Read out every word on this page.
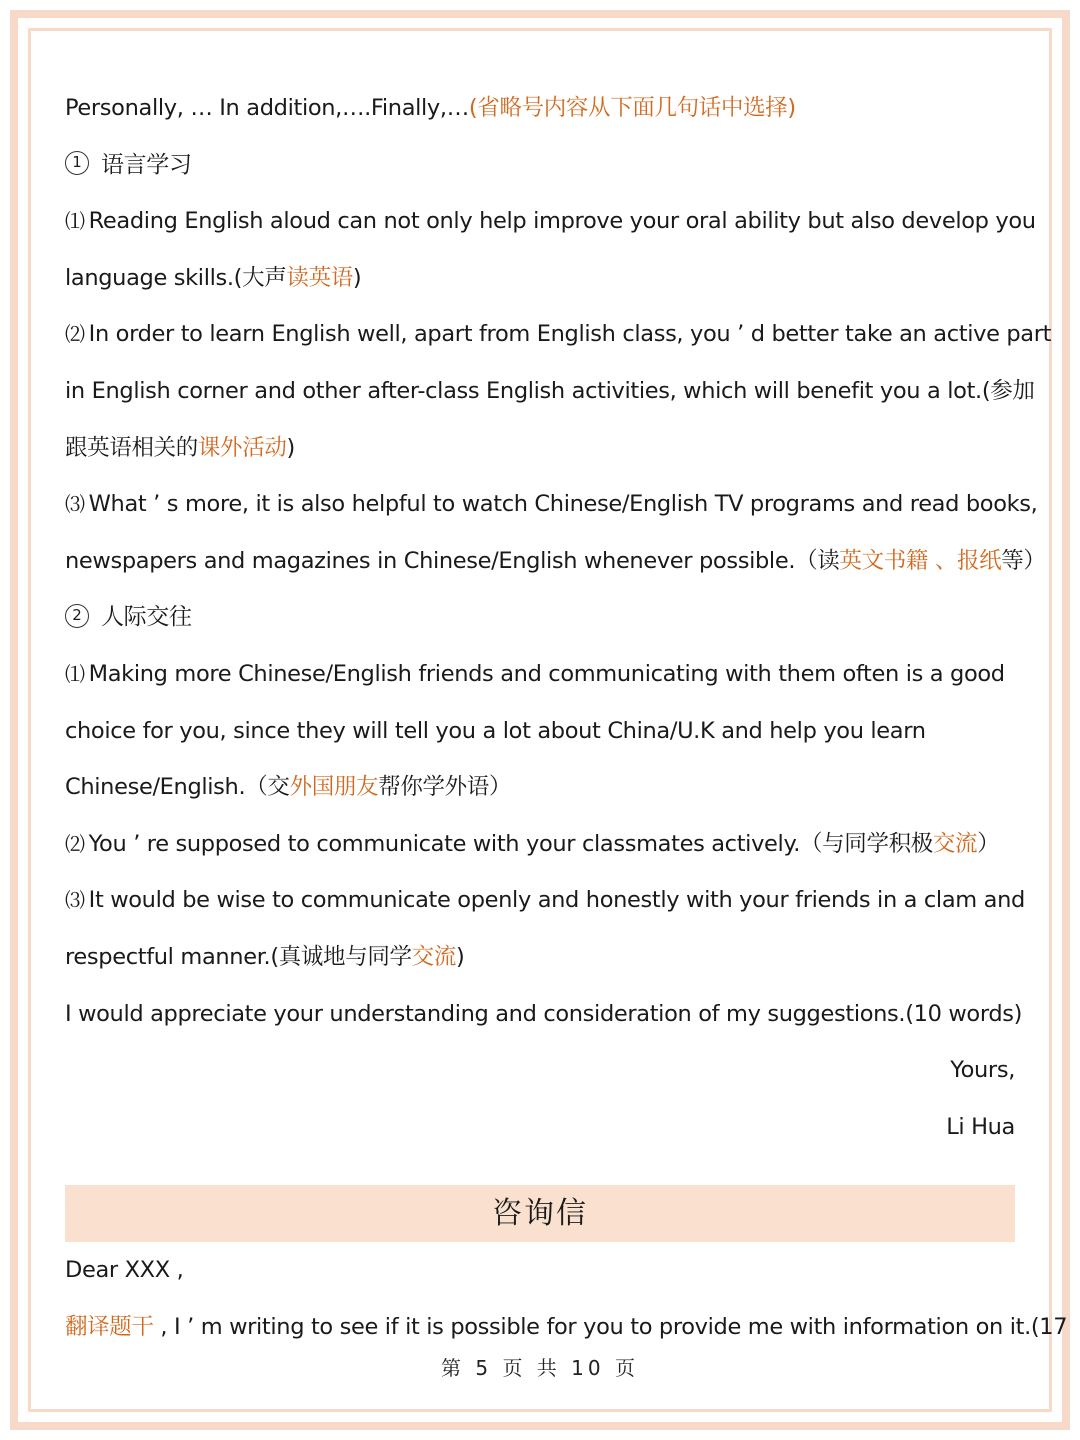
Personally, … In addition,….Finally,…(省略号内容从下面几句话中选择)
1 语言学习
⑴ Reading English aloud can not only help improve your oral ability but also develop you
language skills.(大声读英语)
⑵ In order to learn English well, apart from English class, you ’ d better take an active part
in English corner and other after-class English activities, which will benefit you a lot.(参加
跟英语相关的课外活动)
⑶ What ’ s more, it is also helpful to watch Chinese/English TV programs and read books,
newspapers and magazines in Chinese/English whenever possible.（读英文书籍 、报纸等）
2 人际交往
⑴ Making more Chinese/English friends and communicating with them often is a good
choice for you, since they will tell you a lot about China/U.K and help you learn
Chinese/English.（交外国朋友帮你学外语）
⑵ You ’ re supposed to communicate with your classmates actively.（与同学积极交流）
⑶ It would be wise to communicate openly and honestly with your friends in a clam and
respectful manner.(真诚地与同学交流)
I would appreciate your understanding and consideration of my suggestions.(10 words)
Yours,
Li Hua
咨询信
Dear XXX ,
翻译题干 , I ’ m writing to see if it is possible for you to provide me with information on it.(17
第 5 页 共 10 页
